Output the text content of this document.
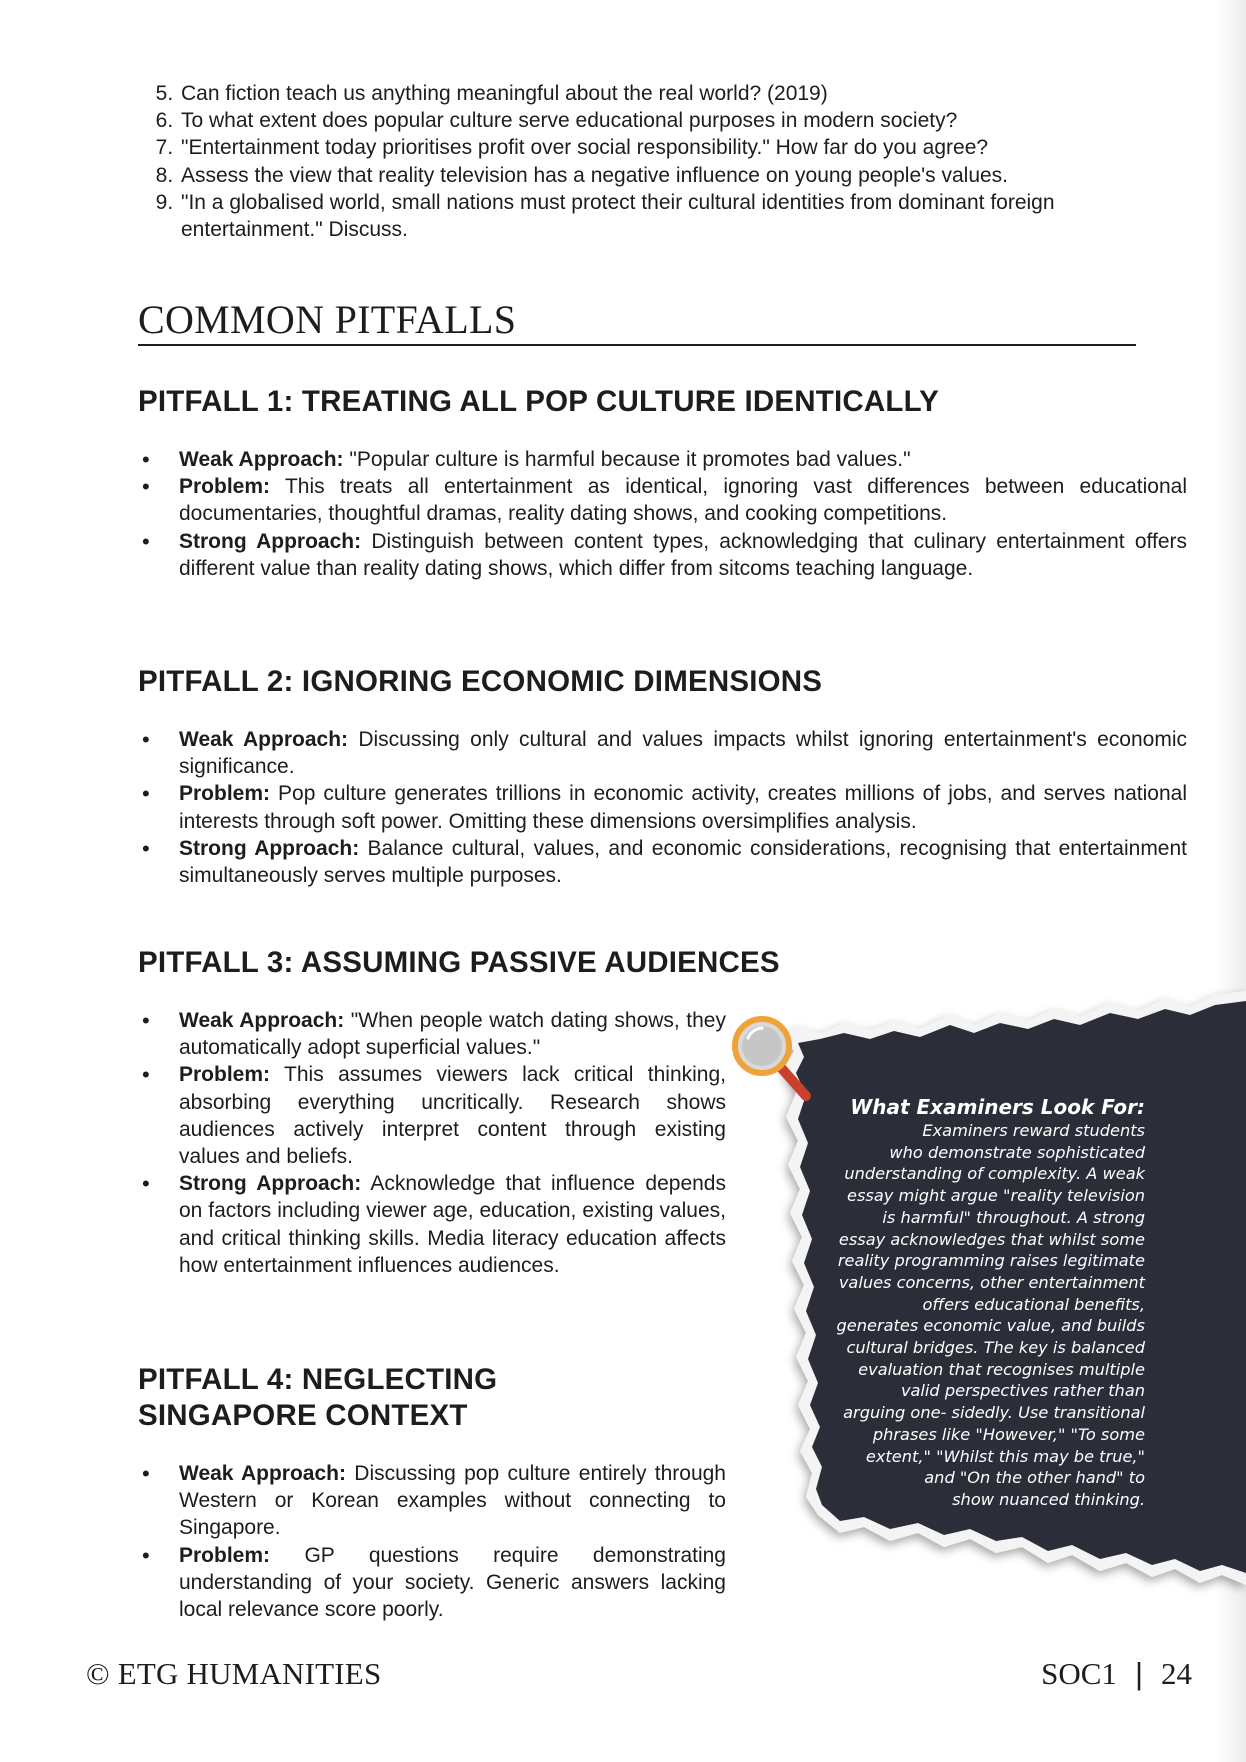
5. Can fiction teach us anything meaningful about the real world? (2019)
6. To what extent does popular culture serve educational purposes in modern society?
7. "Entertainment today prioritises profit over social responsibility." How far do you agree?
8. Assess the view that reality television has a negative influence on young people's values.
9. "In a globalised world, small nations must protect their cultural identities from dominant foreign entertainment." Discuss.
COMMON PITFALLS
PITFALL 1: TREATING ALL POP CULTURE IDENTICALLY
• Weak Approach: "Popular culture is harmful because it promotes bad values."
• Problem: This treats all entertainment as identical, ignoring vast differences between educational documentaries, thoughtful dramas, reality dating shows, and cooking competitions.
• Strong Approach: Distinguish between content types, acknowledging that culinary entertainment offers different value than reality dating shows, which differ from sitcoms teaching language.
PITFALL 2: IGNORING ECONOMIC DIMENSIONS
• Weak Approach: Discussing only cultural and values impacts whilst ignoring entertainment's economic significance.
• Problem: Pop culture generates trillions in economic activity, creates millions of jobs, and serves national interests through soft power. Omitting these dimensions oversimplifies analysis.
• Strong Approach: Balance cultural, values, and economic considerations, recognising that entertainment simultaneously serves multiple purposes.
PITFALL 3: ASSUMING PASSIVE AUDIENCES
• Weak Approach: "When people watch dating shows, they automatically adopt superficial values."
• Problem: This assumes viewers lack critical thinking, absorbing everything uncritically. Research shows audiences actively interpret content through existing values and beliefs.
• Strong Approach: Acknowledge that influence depends on factors including viewer age, education, existing values, and critical thinking skills. Media literacy education affects how entertainment influences audiences.
PITFALL 4: NEGLECTING
SINGAPORE CONTEXT
• Weak Approach: Discussing pop culture entirely through Western or Korean examples without connecting to Singapore.
• Problem: GP questions require demonstrating understanding of your society. Generic answers lacking local relevance score poorly.
What Examiners Look For:
Examiners reward students
who demonstrate sophisticated
understanding of complexity. A weak
essay might argue "reality television
is harmful" throughout. A strong
essay acknowledges that whilst some
reality programming raises legitimate
values concerns, other entertainment
offers educational benefits,
generates economic value, and builds
cultural bridges. The key is balanced
evaluation that recognises multiple
valid perspectives rather than
arguing one- sidedly. Use transitional
phrases like "However," "To some
extent," "Whilst this may be true,"
and "On the other hand" to
show nuanced thinking.
© ETG HUMANITIES	SOC1 | 24
